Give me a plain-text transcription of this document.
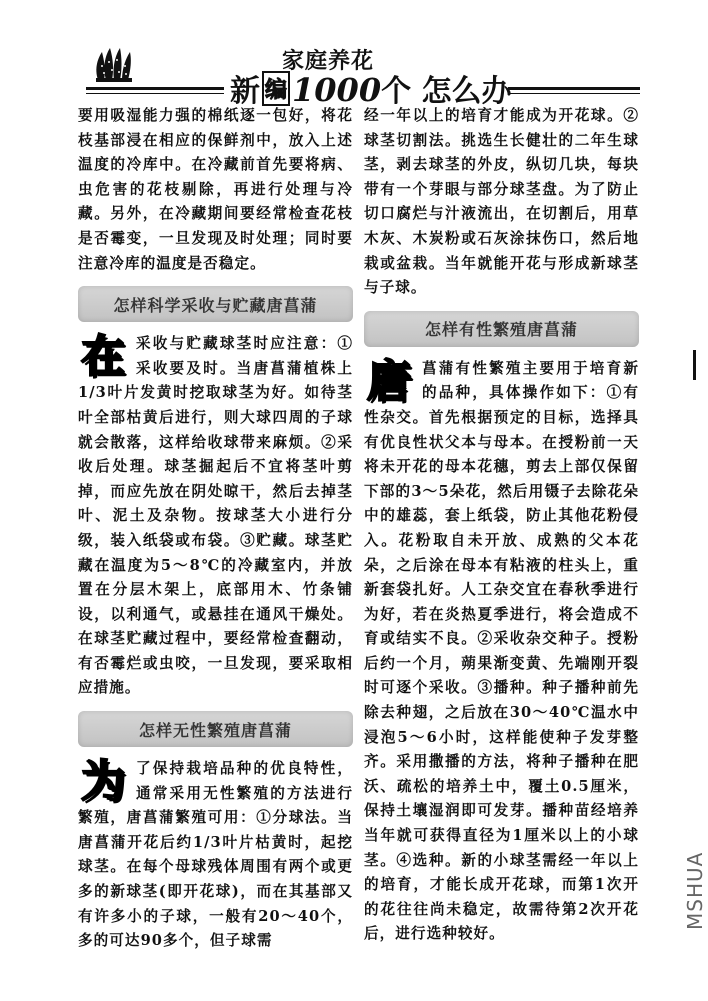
家庭养花
新 编 1000个 怎么办

要用吸湿能力强的棉纸逐一包好，将花枝基部浸在相应的保鲜剂中，放入上述温度的冷库中。在冷藏前首先要将病、虫危害的花枝剔除，再进行处理与冷藏。另外，在冷藏期间要经常检查花枝是否霉变，一旦发现及时处理；同时要注意冷库的温度是否稳定。

怎样科学采收与贮藏唐菖蒲
在 采收与贮藏球茎时应注意：①采收要及时。当唐菖蒲植株上1/3叶片发黄时挖取球茎为好。如待茎叶全部枯黄后进行，则大球四周的子球就会散落，这样给收球带来麻烦。②采收后处理。球茎掘起后不宜将茎叶剪掉，而应先放在阴处晾干，然后去掉茎叶、泥土及杂物。按球茎大小进行分级，装入纸袋或布袋。③贮藏。球茎贮藏在温度为5～8℃的冷藏室内，并放置在分层木架上，底部用木、竹条铺设，以利通气，或悬挂在通风干燥处。在球茎贮藏过程中，要经常检查翻动，有否霉烂或虫咬，一旦发现，要采取相应措施。

怎样无性繁殖唐菖蒲
为 了保持栽培品种的优良特性，通常采用无性繁殖的方法进行繁殖，唐菖蒲繁殖可用：①分球法。当唐菖蒲开花后约1/3叶片枯黄时，起挖球茎。在每个母球残体周围有两个或更多的新球茎(即开花球)，而在其基部又有许多小的子球，一般有20～40个，多的可达90多个，但子球需

经一年以上的培育才能成为开花球。②球茎切割法。挑选生长健壮的二年生球茎，剥去球茎的外皮，纵切几块，每块带有一个芽眼与部分球茎盘。为了防止切口腐烂与汁液流出，在切割后，用草木灰、木炭粉或石灰涂抹伤口，然后地栽或盆栽。当年就能开花与形成新球茎与子球。

怎样有性繁殖唐菖蒲
唐 菖蒲有性繁殖主要用于培育新的品种，具体操作如下：①有性杂交。首先根据预定的目标，选择具有优良性状父本与母本。在授粉前一天将未开花的母本花穗，剪去上部仅保留下部的3～5朵花，然后用镊子去除花朵中的雄蕊，套上纸袋，防止其他花粉侵入。花粉取自未开放、成熟的父本花朵，之后涂在母本有粘液的柱头上，重新套袋扎好。人工杂交宜在春秋季进行为好，若在炎热夏季进行，将会造成不育或结实不良。②采收杂交种子。授粉后约一个月，蒴果渐变黄、先端刚开裂时可逐个采收。③播种。种子播种前先除去种翅，之后放在30～40℃温水中浸泡5～6小时，这样能使种子发芽整齐。采用撒播的方法，将种子播种在肥沃、疏松的培养土中，覆土0.5厘米，保持土壤湿润即可发芽。播种苗经培养当年就可获得直径为1厘米以上的小球茎。④选种。新的小球茎需经一年以上的培育，才能长成开花球，而第1次开的花往往尚未稳定，故需待第2次开花后，进行选种较好。

MSHUA
